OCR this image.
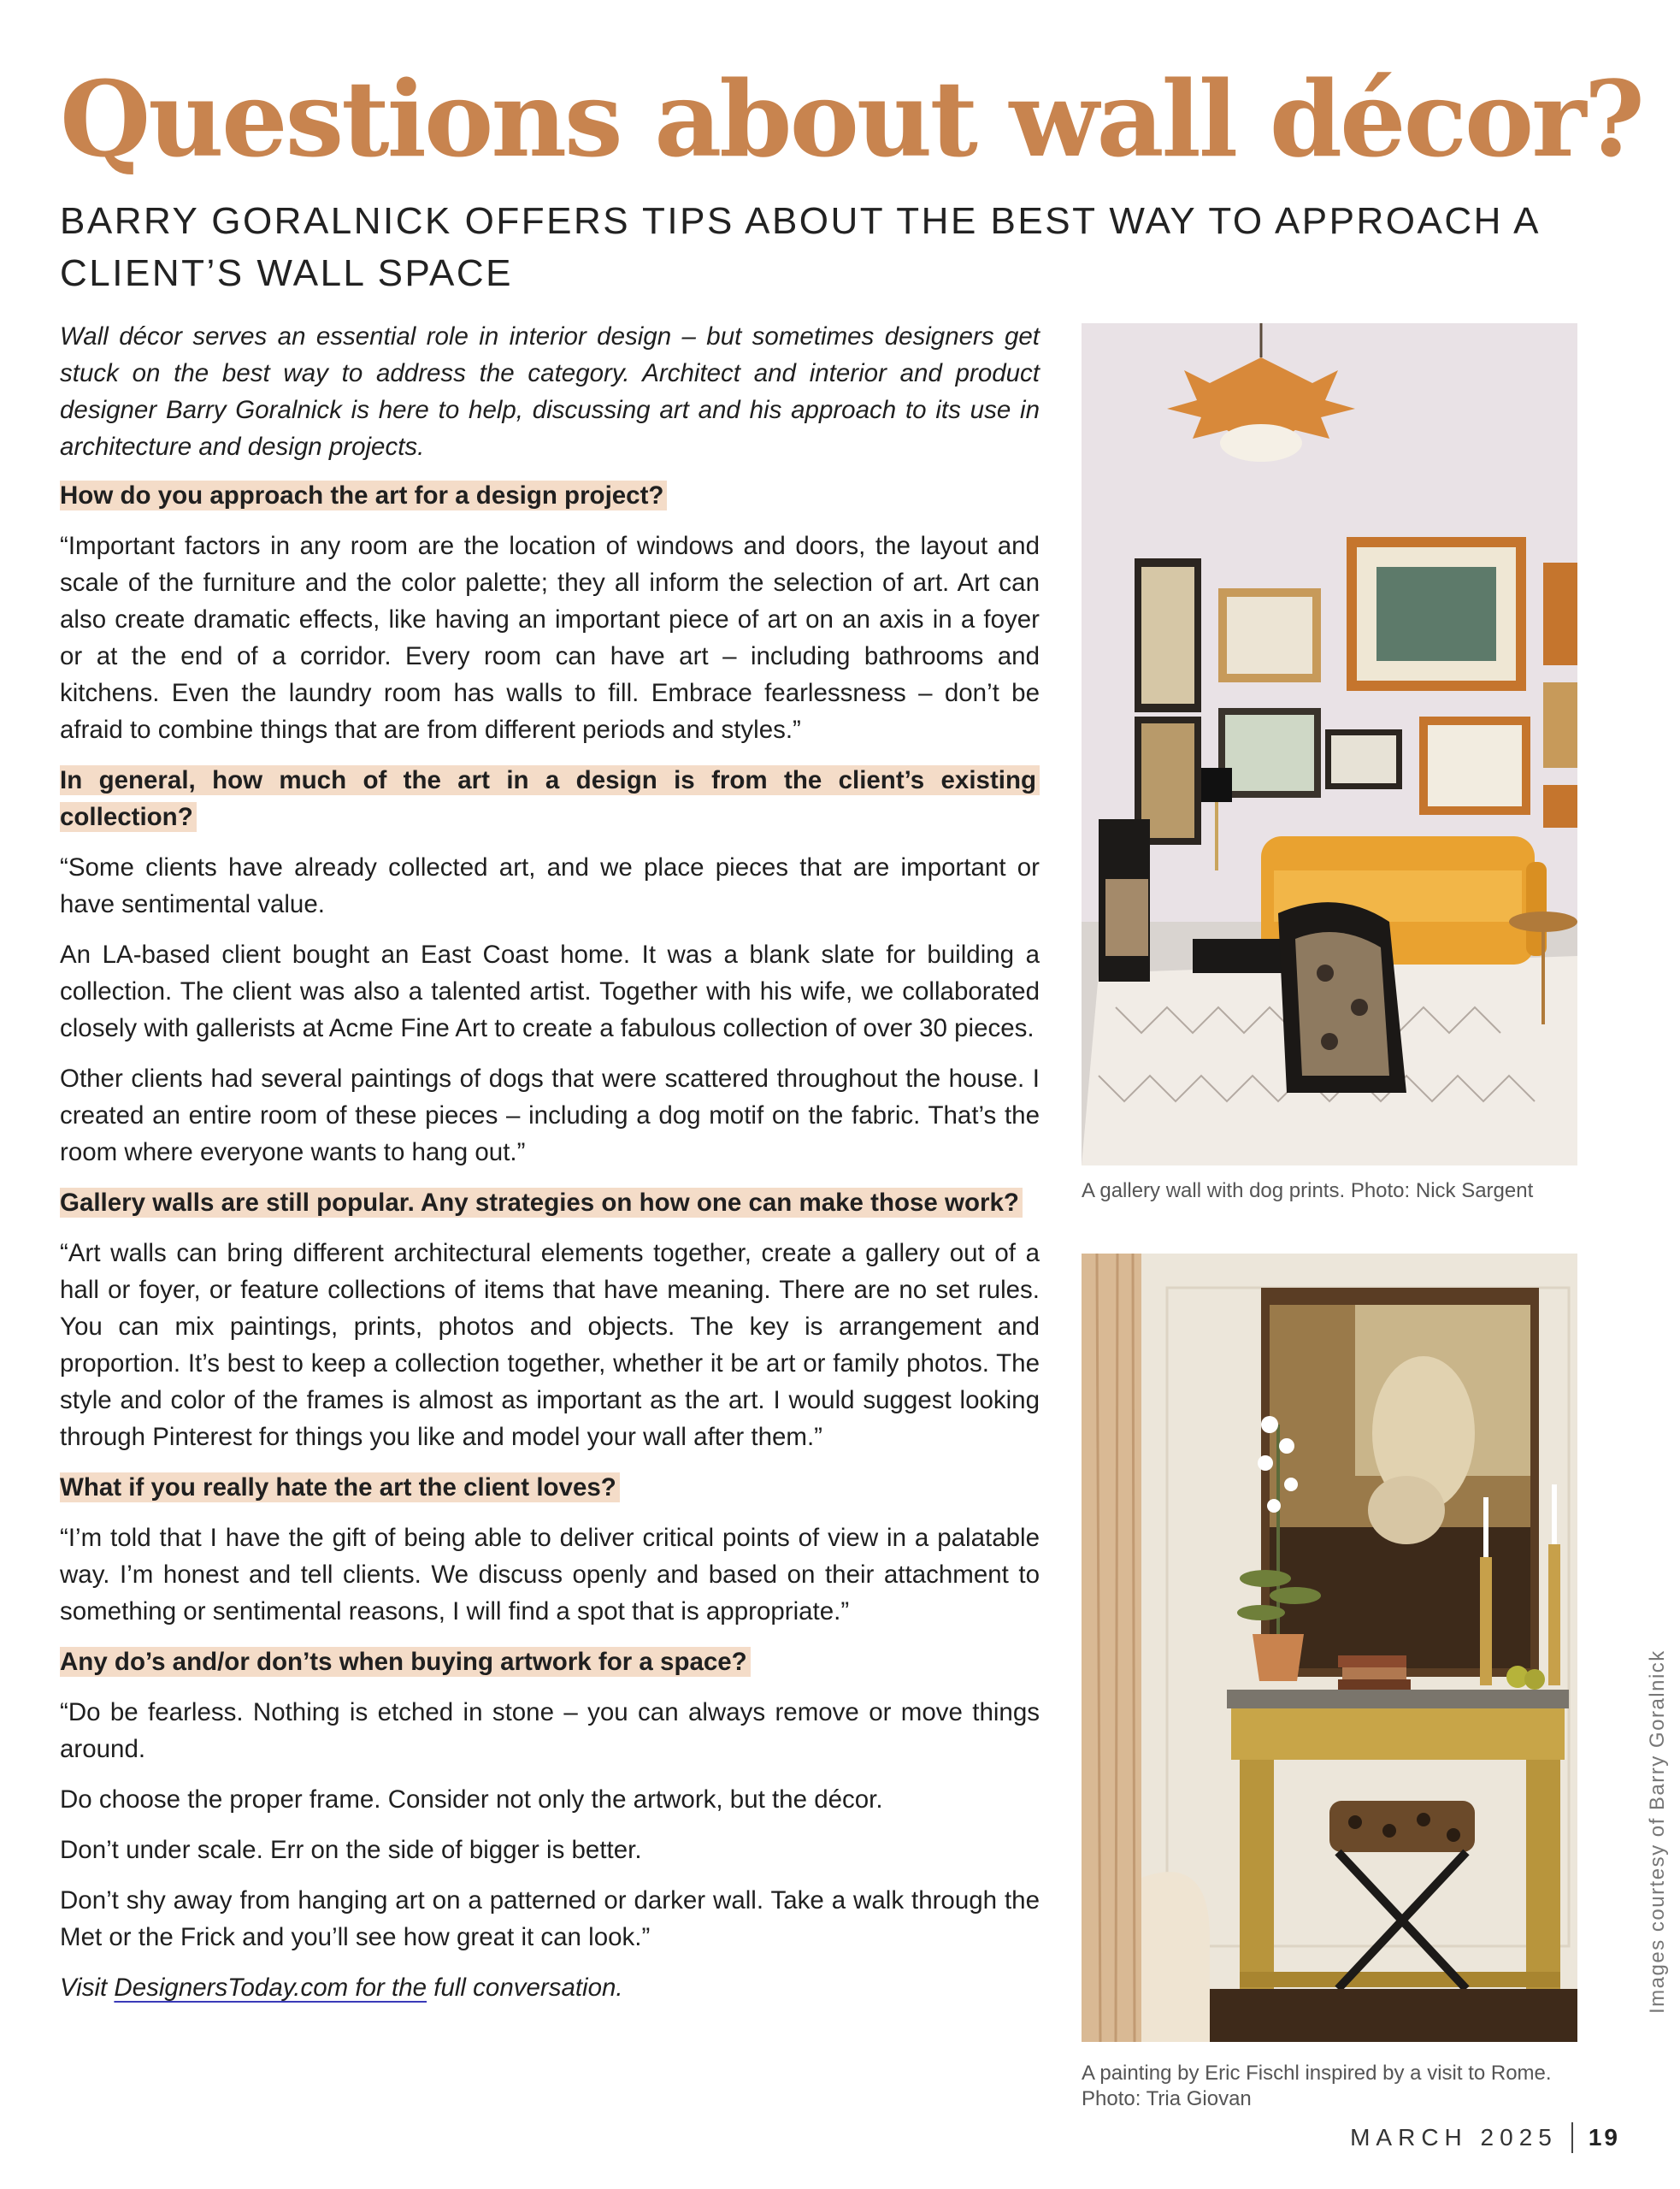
Questions about wall décor?
BARRY GORALNICK OFFERS TIPS ABOUT THE BEST WAY TO APPROACH A CLIENT’S WALL SPACE

Wall décor serves an essential role in interior design – but sometimes designers get stuck on the best way to address the category. Architect and interior and product designer Barry Goralnick is here to help, discussing art and his approach to its use in architecture and design projects.

How do you approach the art for a design project?

“Important factors in any room are the location of windows and doors, the layout and scale of the furniture and the color palette; they all inform the selection of art. Art can also create dramatic effects, like having an important piece of art on an axis in a foyer or at the end of a corridor. Every room can have art – including bathrooms and kitchens. Even the laundry room has walls to fill. Embrace fearlessness – don’t be afraid to combine things that are from different periods and styles.”

In general, how much of the art in a design is from the client’s existing collection?

“Some clients have already collected art, and we place pieces that are important or have sentimental value.

An LA-based client bought an East Coast home. It was a blank slate for building a collection. The client was also a talented artist. Together with his wife, we collaborated closely with gallerists at Acme Fine Art to create a fabulous collection of over 30 pieces.

Other clients had several paintings of dogs that were scattered throughout the house. I created an entire room of these pieces – including a dog motif on the fabric. That’s the room where everyone wants to hang out.”

Gallery walls are still popular. Any strategies on how one can make those work?

“Art walls can bring different architectural elements together, create a gallery out of a hall or foyer, or feature collections of items that have meaning. There are no set rules. You can mix paintings, prints, photos and objects. The key is arrangement and proportion. It’s best to keep a collection together, whether it be art or family photos. The style and color of the frames is almost as important as the art. I would suggest looking through Pinterest for things you like and model your wall after them.”

What if you really hate the art the client loves?

“I’m told that I have the gift of being able to deliver critical points of view in a palatable way. I’m honest and tell clients. We discuss openly and based on their attachment to something or sentimental reasons, I will find a spot that is appropriate.”

Any do’s and/or don’ts when buying artwork for a space?

“Do be fearless. Nothing is etched in stone – you can always remove or move things around.

Do choose the proper frame. Consider not only the artwork, but the décor.

Don’t under scale. Err on the side of bigger is better.

Don’t shy away from hanging art on a patterned or darker wall. Take a walk through the Met or the Frick and you’ll see how great it can look.”

Visit DesignersToday.com for the full conversation.

A gallery wall with dog prints. Photo: Nick Sargent
A painting by Eric Fischl inspired by a visit to Rome.
Photo: Tria Giovan
Images courtesy of Barry Goralnick
MARCH 2025 19
